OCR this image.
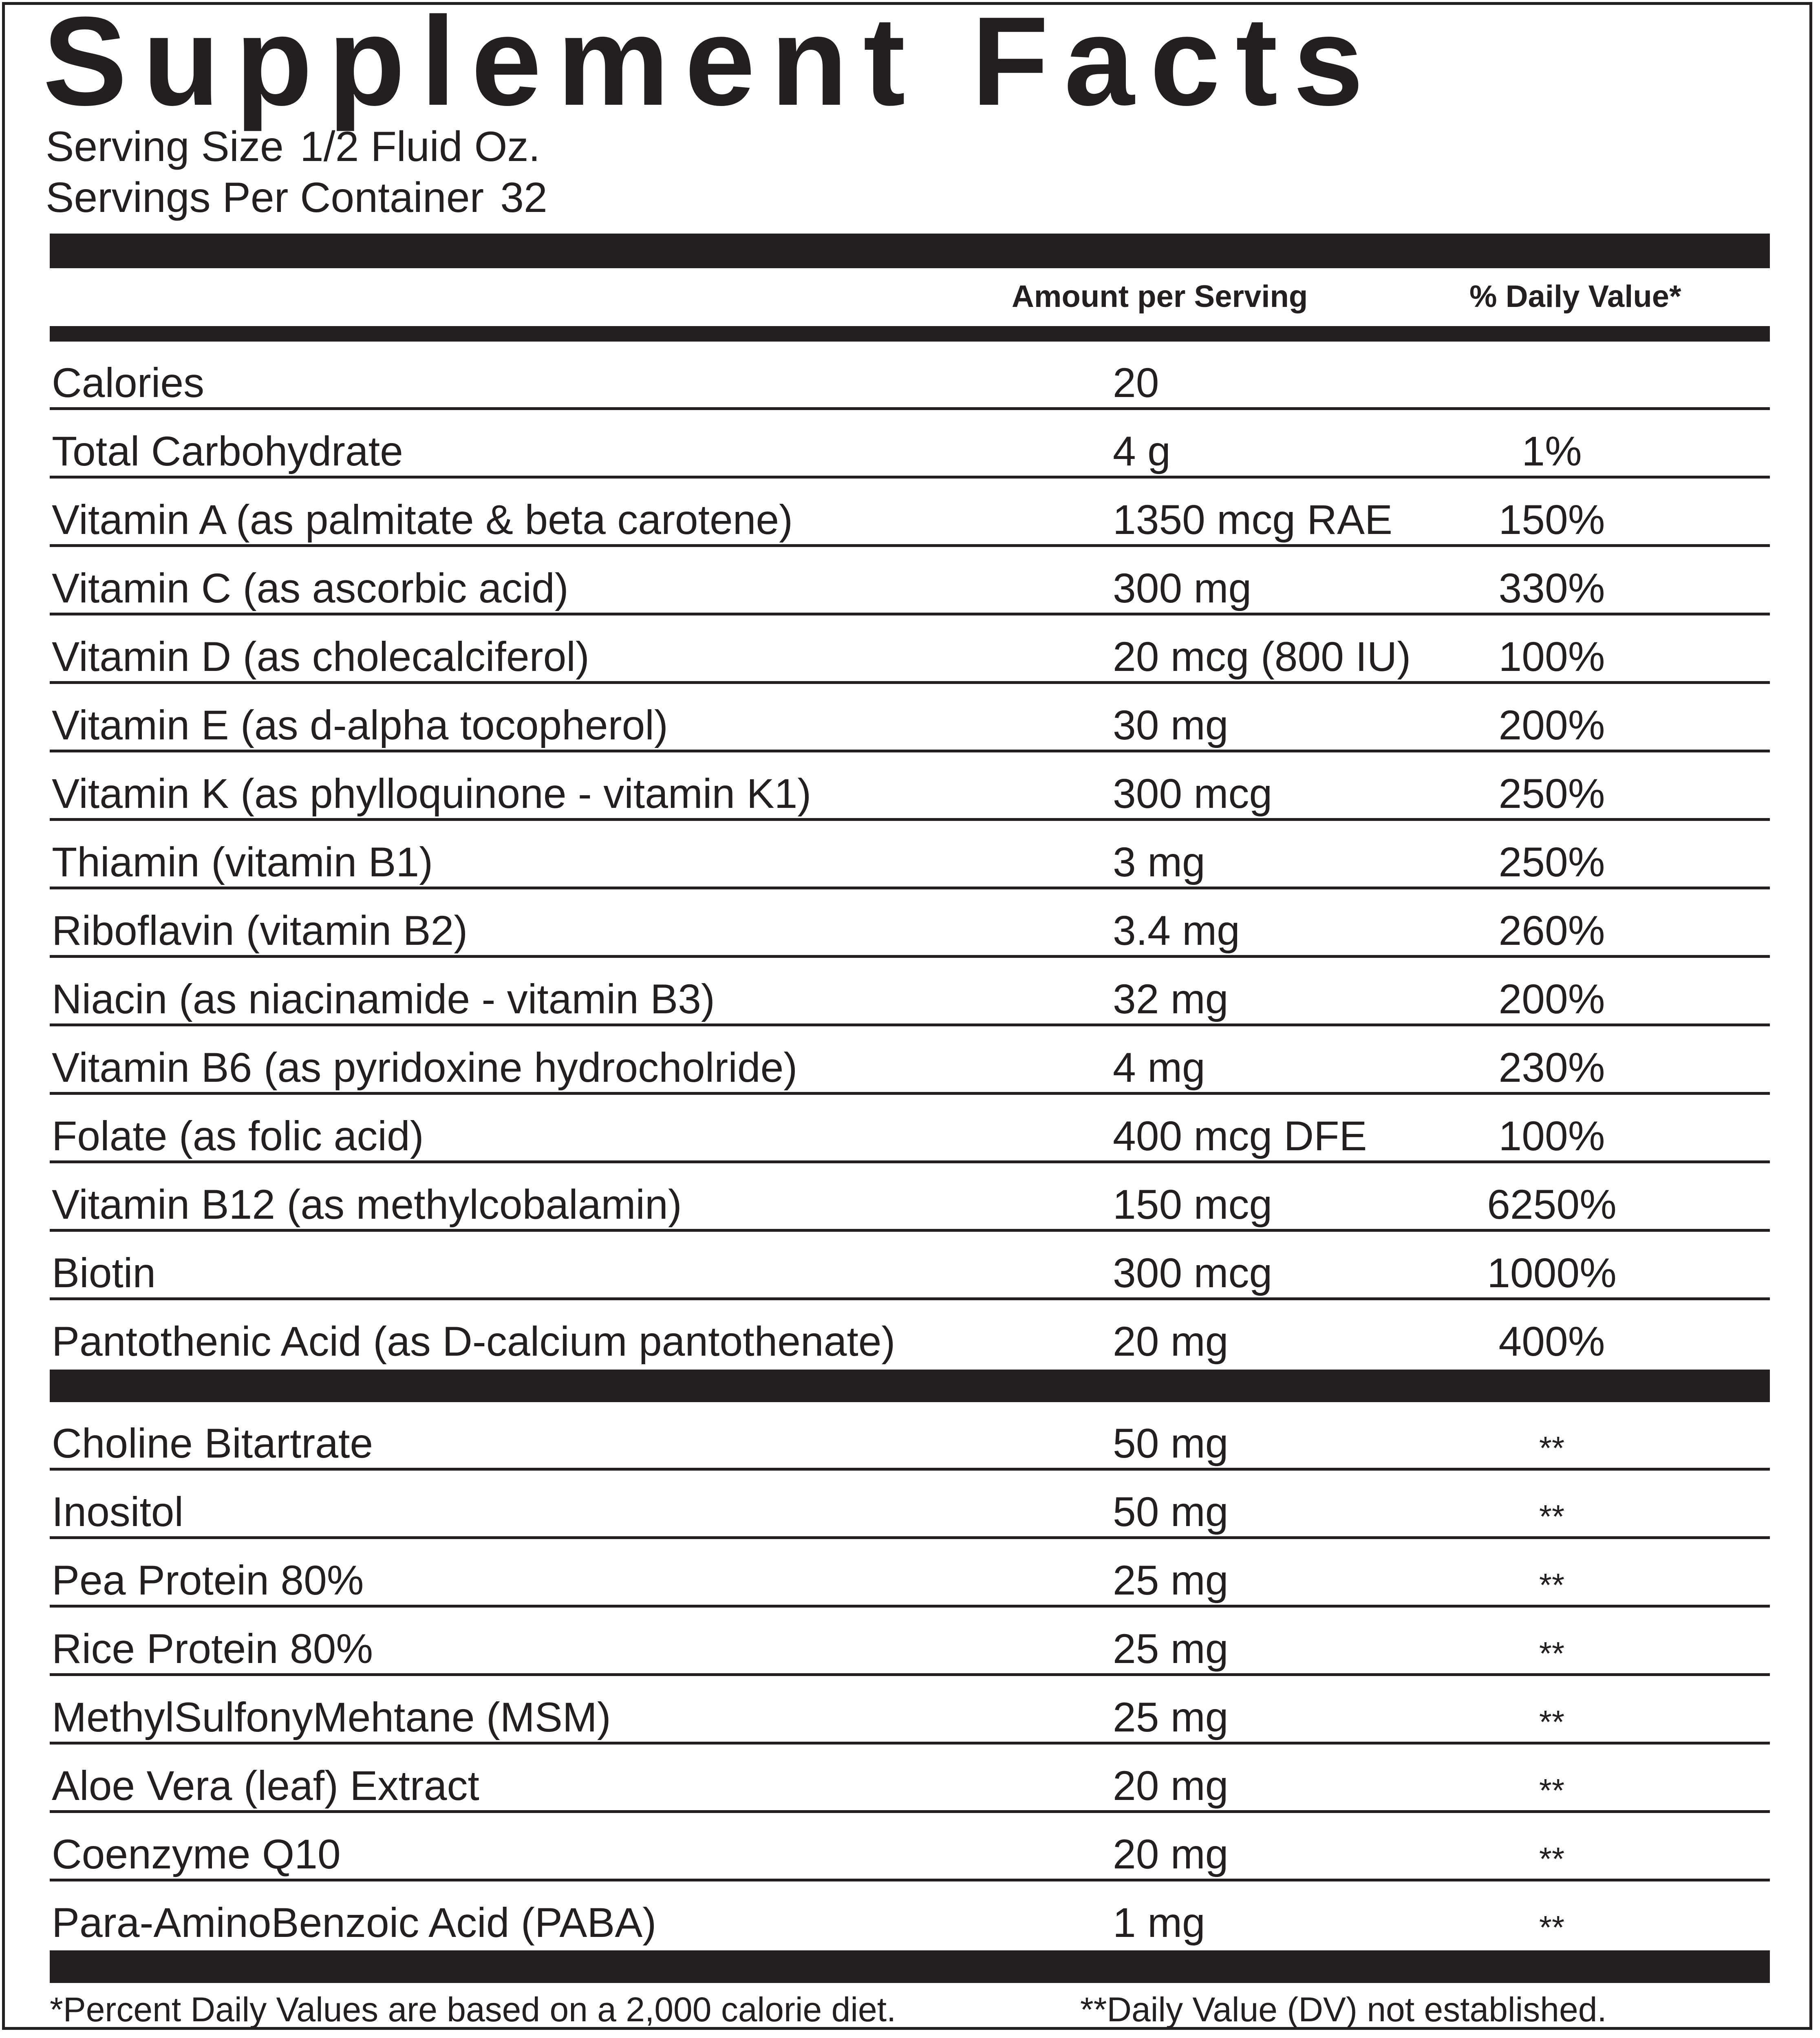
Supplement Facts
Serving Size 1/2 Fluid Oz.
Servings Per Container 32
Amount per Serving	% Daily Value*
Calories	20
Total Carbohydrate	4 g	1%
Vitamin A (as palmitate & beta carotene)	1350 mcg RAE	150%
Vitamin C (as ascorbic acid)	300 mg	330%
Vitamin D (as cholecalciferol)	20 mcg (800 IU)	100%
Vitamin E (as d-alpha tocopherol)	30 mg	200%
Vitamin K (as phylloquinone - vitamin K1)	300 mcg	250%
Thiamin (vitamin B1)	3 mg	250%
Riboflavin (vitamin B2)	3.4 mg	260%
Niacin (as niacinamide - vitamin B3)	32 mg	200%
Vitamin B6 (as pyridoxine hydrocholride)	4 mg	230%
Folate (as folic acid)	400 mcg DFE	100%
Vitamin B12 (as methylcobalamin)	150 mcg	6250%
Biotin	300 mcg	1000%
Pantothenic Acid (as D-calcium pantothenate)	20 mg	400%
Choline Bitartrate	50 mg	**
Inositol	50 mg	**
Pea Protein 80%	25 mg	**
Rice Protein 80%	25 mg	**
MethylSulfonyMehtane (MSM)	25 mg	**
Aloe Vera (leaf) Extract	20 mg	**
Coenzyme Q10	20 mg	**
Para-AminoBenzoic Acid (PABA)	1 mg	**
*Percent Daily Values are based on a 2,000 calorie diet.	**Daily Value (DV) not established.
